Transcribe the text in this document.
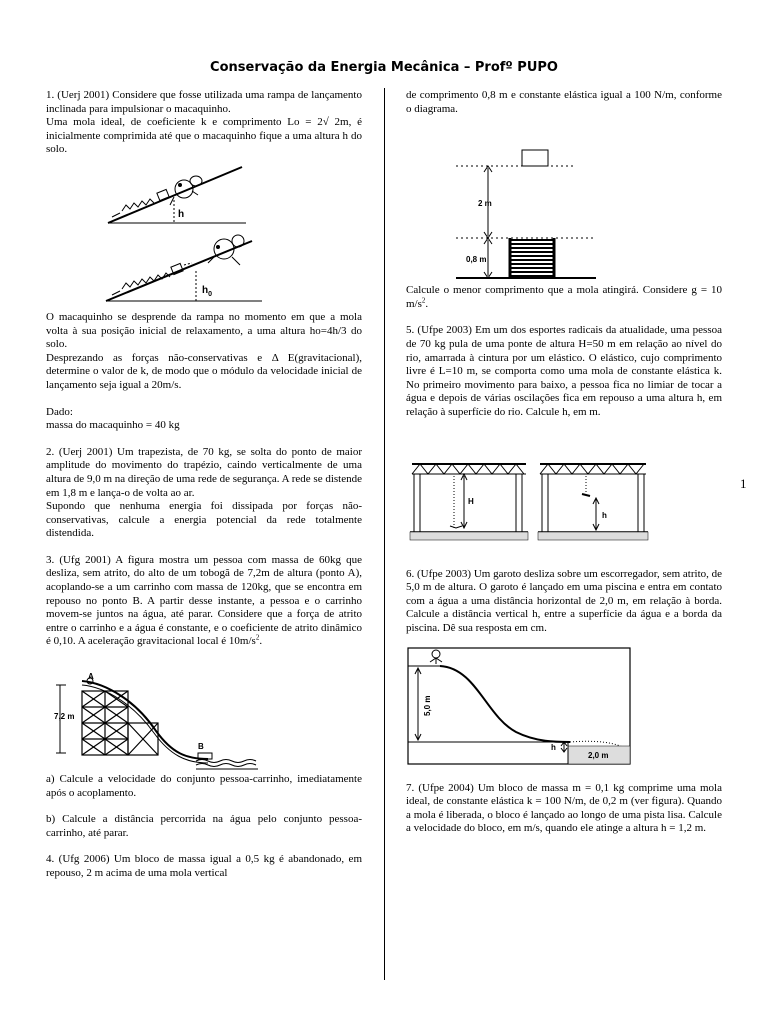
Conservação da Energia Mecânica – Profº PUPO
1

1. (Uerj 2001) Considere que fosse utilizada uma rampa de lançamento inclinada para impulsionar o macaquinho.

Uma mola ideal, de coeficiente k e comprimento Lo = 2√ 2m, é inicialmente comprimida até que o macaquinho fique a uma altura h do solo.

h
$h_0$

O macaquinho se desprende da rampa no momento em que a mola volta à sua posição inicial de relaxamento, a uma altura ho=4h/3 do solo.

Desprezando as forças não-conservativas e Δ E(gravitacional), determine o valor de k, de modo que o módulo da velocidade inicial de lançamento seja igual a 20m/s.

Dado:

massa do macaquinho = 40 kg

2. (Uerj 2001) Um trapezista, de 70 kg, se solta do ponto de maior amplitude do movimento do trapézio, caindo verticalmente de uma altura de 9,0 m na direção de uma rede de segurança. A rede se distende em 1,8 m e lança-o de volta ao ar.

Supondo que nenhuma energia foi dissipada por forças não-conservativas, calcule a energia potencial da rede totalmente distendida.

3. (Ufg 2001) A figura mostra um pessoa com massa de 60kg que desliza, sem atrito, do alto de um tobogã de 7,2m de altura (ponto A), acoplando-se a um carrinho com massa de 120kg, que se encontra em repouso no ponto B. A partir desse instante, a pessoa e o carrinho movem-se juntos na água, até parar. Considere que a força de atrito entre o carrinho e a água é constante, e o coeficiente de atrito dinâmico é 0,10. A aceleração gravitacional local é $10m/s^2$.

7,2 m
A
B

a) Calcule a velocidade do conjunto pessoa-carrinho, imediatamente após o acoplamento.

b) Calcule a distância percorrida na água pelo conjunto pessoa-carrinho, até parar.

4. (Ufg 2006) Um bloco de massa igual a 0,5 kg é abandonado, em repouso, 2 m acima de uma mola vertical

de comprimento 0,8 m e constante elástica igual a 100 N/m, conforme o diagrama.

2 m
0,8 m

Calcule o menor comprimento que a mola atingirá. Considere g = 10 $m/s^2$.

5. (Ufpe 2003) Em um dos esportes radicais da atualidade, uma pessoa de 70 kg pula de uma ponte de altura H=50 m em relação ao nível do rio, amarrada à cintura por um elástico. O elástico, cujo comprimento livre é L=10 m, se comporta como uma mola de constante elástica k. No primeiro movimento para baixo, a pessoa fica no limiar de tocar a água e depois de várias oscilações fica em repouso a uma altura h, em relação à superfície do rio. Calcule h, em m.

H
h

6. (Ufpe 2003) Um garoto desliza sobre um escorregador, sem atrito, de 5,0 m de altura. O garoto é lançado em uma piscina e entra em contato com a água a uma distância horizontal de 2,0 m, em relação à borda. Calcule a distância vertical h, entre a superfície da água e a borda da piscina. Dê sua resposta em cm.

5,0 m
h
2,0 m

7. (Ufpe 2004) Um bloco de massa m = 0,1 kg comprime uma mola ideal, de constante elástica k = 100 N/m, de 0,2 m (ver figura). Quando a mola é liberada, o bloco é lançado ao longo de uma pista lisa. Calcule a velocidade do bloco, em m/s, quando ele atinge a altura h = 1,2 m.
